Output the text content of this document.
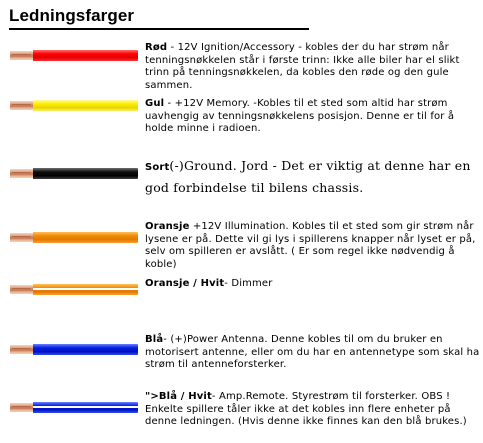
Ledningsfarger

Rød - 12V Ignition/Accessory - kobles der du har strøm når tenningsnøkkelen står i første trinn: Ikke alle biler har el slikt trinn på tenningsnøkkelen, da kobles den røde og den gule sammen.

Gul - +12V Memory. -Kobles til et sted som altid har strøm uavhengig av tenningsnøkkelens posisjon. Denne er til for å holde minne i radioen.

Sort(-)Ground. Jord - Det er viktig at denne har en god forbindelse til bilens chassis.

Oransje +12V Illumination. Kobles til et sted som gir strøm når lysene er på. Dette vil gi lys i spillerens knapper når lyset er på, selv om spilleren er avslått. ( Er som regel ikke nødvendig å koble)

Oransje / Hvit- Dimmer

Blå- (+)Power Antenna. Denne kobles til om du bruker en motorisert antenne, eller om du har en antennetype som skal ha strøm til antenneforsterker.

">Blå / Hvit- Amp.Remote. Styrestrøm til forsterker. OBS ! Enkelte spillere tåler ikke at det kobles inn flere enheter på denne ledningen. (Hvis denne ikke finnes kan den blå brukes.)
